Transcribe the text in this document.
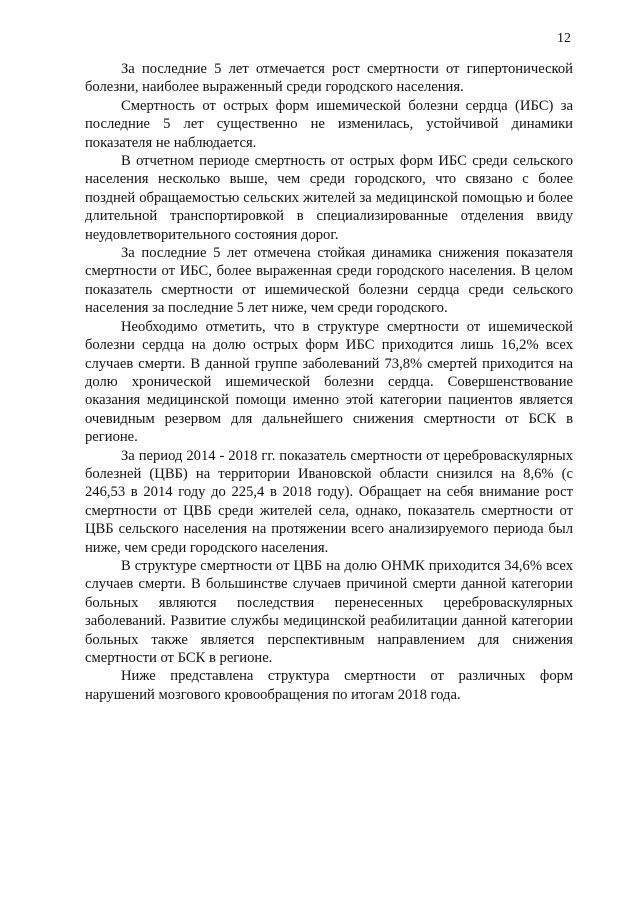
12

За последние 5 лет отмечается рост смертности от гипертонической болезни, наиболее выраженный среди городского населения.

Смертность от острых форм ишемической болезни сердца (ИБС) за последние 5 лет существенно не изменилась, устойчивой динамики показателя не наблюдается.

В отчетном периоде смертность от острых форм ИБС среди сельского населения несколько выше, чем среди городского, что связано с более поздней обращаемостью сельских жителей за медицинской помощью и более длительной транспортировкой в специализированные отделения ввиду неудовлетворительного состояния дорог.

За последние 5 лет отмечена стойкая динамика снижения показателя смертности от ИБС, более выраженная среди городского населения. В целом показатель смертности от ишемической болезни сердца среди сельского населения за последние 5 лет ниже, чем среди городского.

Необходимо отметить, что в структуре смертности от ишемической болезни сердца на долю острых форм ИБС приходится лишь 16,2% всех случаев смерти. В данной группе заболеваний 73,8% смертей приходится на долю хронической ишемической болезни сердца. Совершенствование оказания медицинской помощи именно этой категории пациентов является очевидным резервом для дальнейшего снижения смертности от БСК в регионе.

За период 2014 - 2018 гг. показатель смертности от цереброваскулярных болезней (ЦВБ) на территории Ивановской области снизился на 8,6% (с 246,53 в 2014 году до 225,4 в 2018 году). Обращает на себя внимание рост смертности от ЦВБ среди жителей села, однако, показатель смертности от ЦВБ сельского населения на протяжении всего анализируемого периода был ниже, чем среди городского населения.

В структуре смертности от ЦВБ на долю ОНМК приходится 34,6% всех случаев смерти. В большинстве случаев причиной смерти данной категории больных являются последствия перенесенных цереброваскулярных заболеваний. Развитие службы медицинской реабилитации данной категории больных также является перспективным направлением для снижения смертности от БСК в регионе.

Ниже представлена структура смертности от различных форм нарушений мозгового кровообращения по итогам 2018 года.
